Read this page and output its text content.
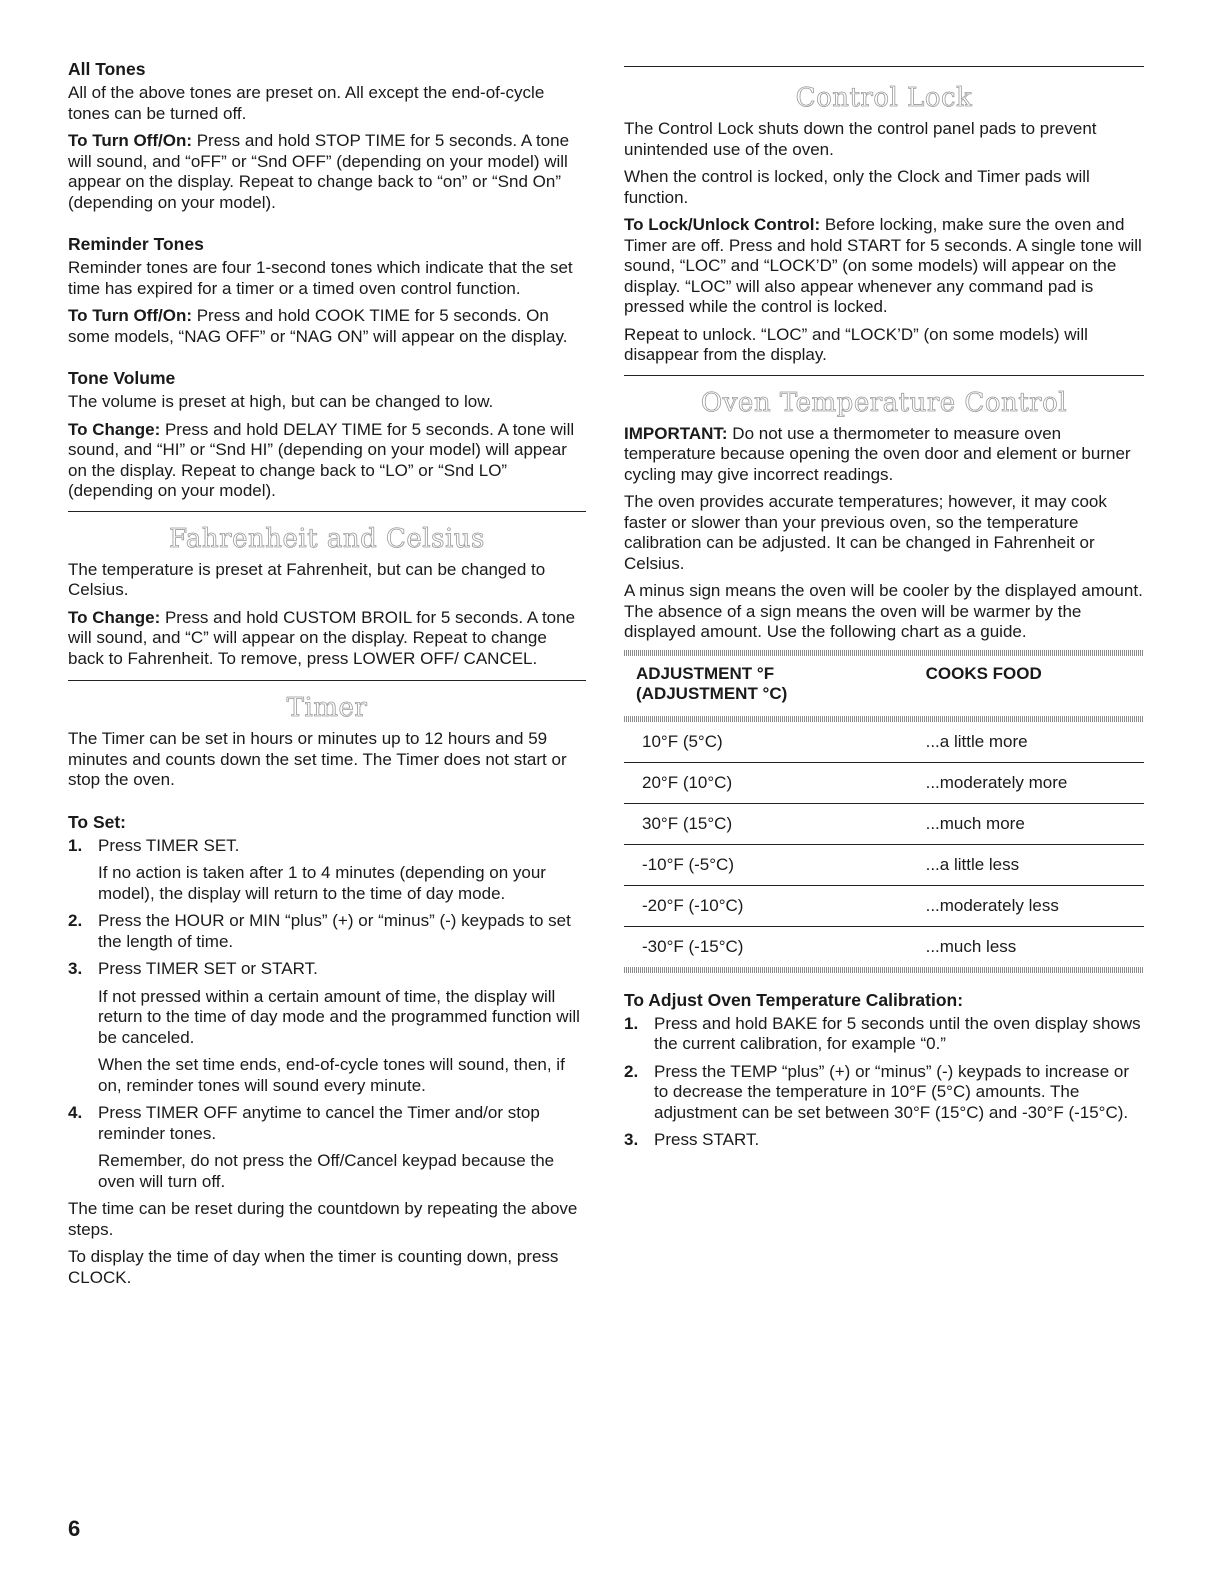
All Tones

All of the above tones are preset on. All except the end-of-cycle tones can be turned off.

To Turn Off/On: Press and hold STOP TIME for 5 seconds. A tone will sound, and “oFF” or “Snd OFF” (depending on your model) will appear on the display. Repeat to change back to “on” or “Snd On” (depending on your model).

Reminder Tones

Reminder tones are four 1-second tones which indicate that the set time has expired for a timer or a timed oven control function.

To Turn Off/On: Press and hold COOK TIME for 5 seconds. On some models, “NAG OFF” or “NAG ON” will appear on the display.

Tone Volume

The volume is preset at high, but can be changed to low.

To Change: Press and hold DELAY TIME for 5 seconds. A tone will sound, and “HI” or “Snd HI” (depending on your model) will appear on the display. Repeat to change back to “LO” or “Snd LO” (depending on your model).

Fahrenheit and Celsius

The temperature is preset at Fahrenheit, but can be changed to Celsius.

To Change: Press and hold CUSTOM BROIL for 5 seconds. A tone will sound, and “C” will appear on the display. Repeat to change back to Fahrenheit. To remove, press LOWER OFF/ CANCEL.

Timer

The Timer can be set in hours or minutes up to 12 hours and 59 minutes and counts down the set time. The Timer does not start or stop the oven.

To Set:
1. Press TIMER SET.

If no action is taken after 1 to 4 minutes (depending on your model), the display will return to the time of day mode.

2. Press the HOUR or MIN “plus” (+) or “minus” (-) keypads to set the length of time.

3. Press TIMER SET or START.

If not pressed within a certain amount of time, the display will return to the time of day mode and the programmed function will be canceled.

When the set time ends, end-of-cycle tones will sound, then, if on, reminder tones will sound every minute.

4. Press TIMER OFF anytime to cancel the Timer and/or stop reminder tones.

Remember, do not press the Off/Cancel keypad because the oven will turn off.

The time can be reset during the countdown by repeating the above steps.

To display the time of day when the timer is counting down, press CLOCK.

Control Lock

The Control Lock shuts down the control panel pads to prevent unintended use of the oven.

When the control is locked, only the Clock and Timer pads will function.

To Lock/Unlock Control: Before locking, make sure the oven and Timer are off. Press and hold START for 5 seconds. A single tone will sound, “LOC” and “LOCK’D” (on some models) will appear on the display. “LOC” will also appear whenever any command pad is pressed while the control is locked.

Repeat to unlock. “LOC” and “LOCK’D” (on some models) will disappear from the display.

Oven Temperature Control

IMPORTANT: Do not use a thermometer to measure oven temperature because opening the oven door and element or burner cycling may give incorrect readings.

The oven provides accurate temperatures; however, it may cook faster or slower than your previous oven, so the temperature calibration can be adjusted. It can be changed in Fahrenheit or Celsius.

A minus sign means the oven will be cooler by the displayed amount. The absence of a sign means the oven will be warmer by the displayed amount. Use the following chart as a guide.

ADJUSTMENT °F
(ADJUSTMENT °C)	COOKS FOOD

10°F (5°C)	...a little more
20°F (10°C)	...moderately more
30°F (15°C)	...much more
-10°F (-5°C)	...a little less
-20°F (-10°C)	...moderately less
-30°F (-15°C)	...much less
To Adjust Oven Temperature Calibration:
1. Press and hold BAKE for 5 seconds until the oven display shows the current calibration, for example “0.”

2. Press the TEMP “plus” (+) or “minus” (-) keypads to increase or to decrease the temperature in 10°F (5°C) amounts. The adjustment can be set between 30°F (15°C) and -30°F (-15°C).

3. Press START.

6
